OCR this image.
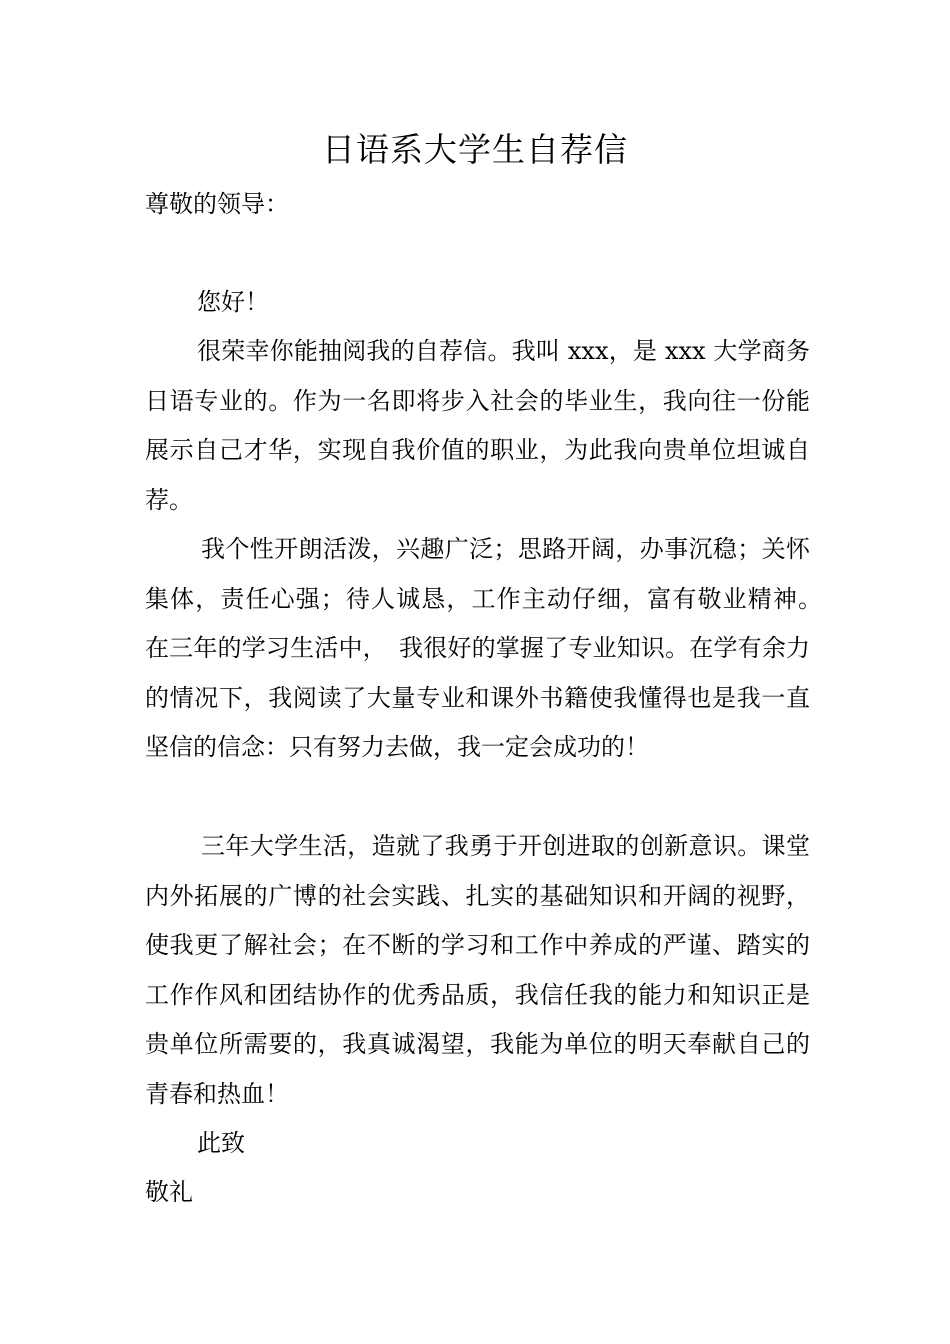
日语系大学生自荐信

尊敬的领导：

您好！

很荣幸你能抽阅我的自荐信。我叫 xxx，是 xxx 大学商务日语专业的。作为一名即将步入社会的毕业生，我向往一份能展示自己才华，实现自我价值的职业，为此我向贵单位坦诚自荐。

我个性开朗活泼，兴趣广泛；思路开阔，办事沉稳；关怀集体，责任心强；待人诚恳，工作主动仔细，富有敬业精神。　在三年的学习生活中，　我很好的掌握了专业知识。在学有余力的情况下，我阅读了大量专业和课外书籍使我懂得也是我一直坚信的信念：只有努力去做，我一定会成功的！

三年大学生活，造就了我勇于开创进取的创新意识。课堂内外拓展的广博的社会实践、扎实的基础知识和开阔的视野，使我更了解社会；在不断的学习和工作中养成的严谨、踏实的工作作风和团结协作的优秀品质，我信任我的能力和知识正是贵单位所需要的，我真诚渴望，我能为单位的明天奉献自己的青春和热血！

此致

敬礼
